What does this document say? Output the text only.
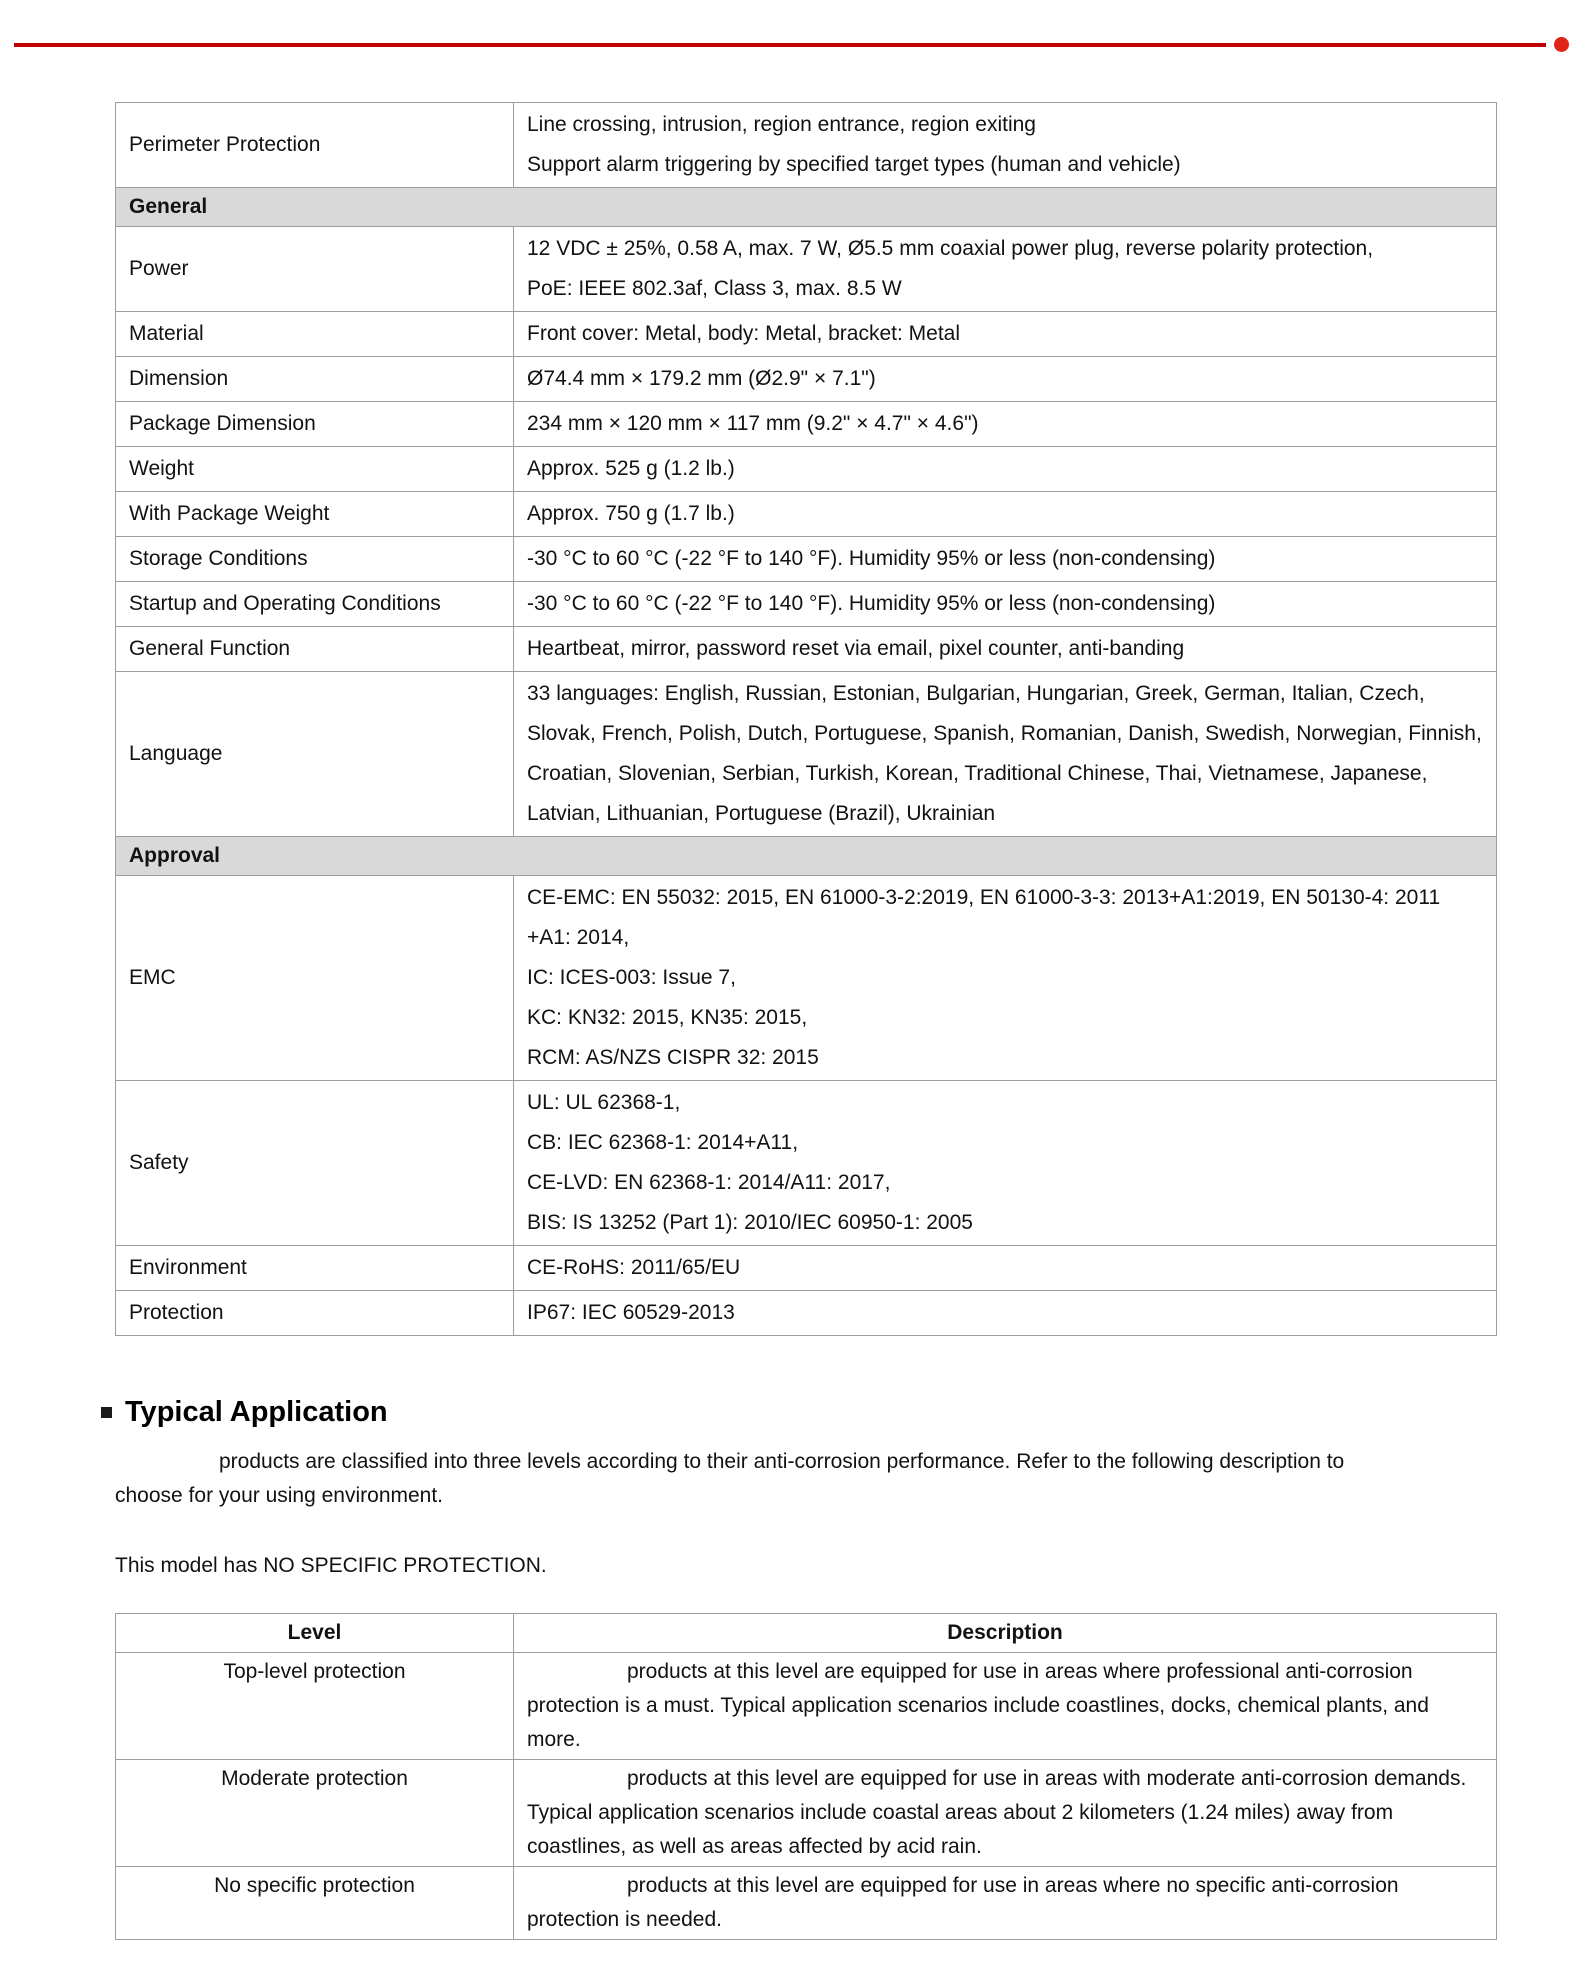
Perimeter Protection	Line crossing, intrusion, region entrance, region exiting
Support alarm triggering by specified target types (human and vehicle)

General	
Power	12 VDC ± 25%, 0.58 A, max. 7 W, Ø5.5 mm coaxial power plug, reverse polarity protection,
PoE: IEEE 802.3af, Class 3, max. 8.5 W

Material	Front cover: Metal, body: Metal, bracket: Metal

Dimension	Ø74.4 mm × 179.2 mm (Ø2.9" × 7.1")

Package Dimension	234 mm × 120 mm × 117 mm (9.2" × 4.7" × 4.6")

Weight	Approx. 525 g (1.2 lb.)

With Package Weight	Approx. 750 g (1.7 lb.)

Storage Conditions	-30 °C to 60 °C (-22 °F to 140 °F). Humidity 95% or less (non-condensing)

Startup and Operating Conditions	-30 °C to 60 °C (-22 °F to 140 °F). Humidity 95% or less (non-condensing)

General Function	Heartbeat, mirror, password reset via email, pixel counter, anti-banding

Language	33 languages: English, Russian, Estonian, Bulgarian, Hungarian, Greek, German, Italian, Czech, Slovak, French, Polish, Dutch, Portuguese, Spanish, Romanian, Danish, Swedish, Norwegian, Finnish, Croatian, Slovenian, Serbian, Turkish, Korean, Traditional Chinese, Thai, Vietnamese, Japanese, Latvian, Lithuanian, Portuguese (Brazil), Ukrainian

Approval	
EMC	CE-EMC: EN 55032: 2015, EN 61000-3-2:2019, EN 61000-3-3: 2013+A1:2019, EN 50130-4: 2011 +A1: 2014,
IC: ICES-003: Issue 7,
KC: KN32: 2015, KN35: 2015,
RCM: AS/NZS CISPR 32: 2015

Safety	UL: UL 62368-1,
CB: IEC 62368-1: 2014+A11,
CE-LVD: EN 62368-1: 2014/A11: 2017,
BIS: IS 13252 (Part 1): 2010/IEC 60950-1: 2005

Environment	CE-RoHS: 2011/65/EU

Protection	IP67: IEC 60529-2013
Typical Application

products are classified into three levels according to their anti-corrosion performance. Refer to the following description to choose for your using environment.

This model has NO SPECIFIC PROTECTION.

Level	Description
Top-level protection	products at this level are equipped for use in areas where professional anti-corrosion protection is a must. Typical application scenarios include coastlines, docks, chemical plants, and more.
Moderate protection	products at this level are equipped for use in areas with moderate anti-corrosion demands. Typical application scenarios include coastal areas about 2 kilometers (1.24 miles) away from coastlines, as well as areas affected by acid rain.
No specific protection	products at this level are equipped for use in areas where no specific anti-corrosion protection is needed.
